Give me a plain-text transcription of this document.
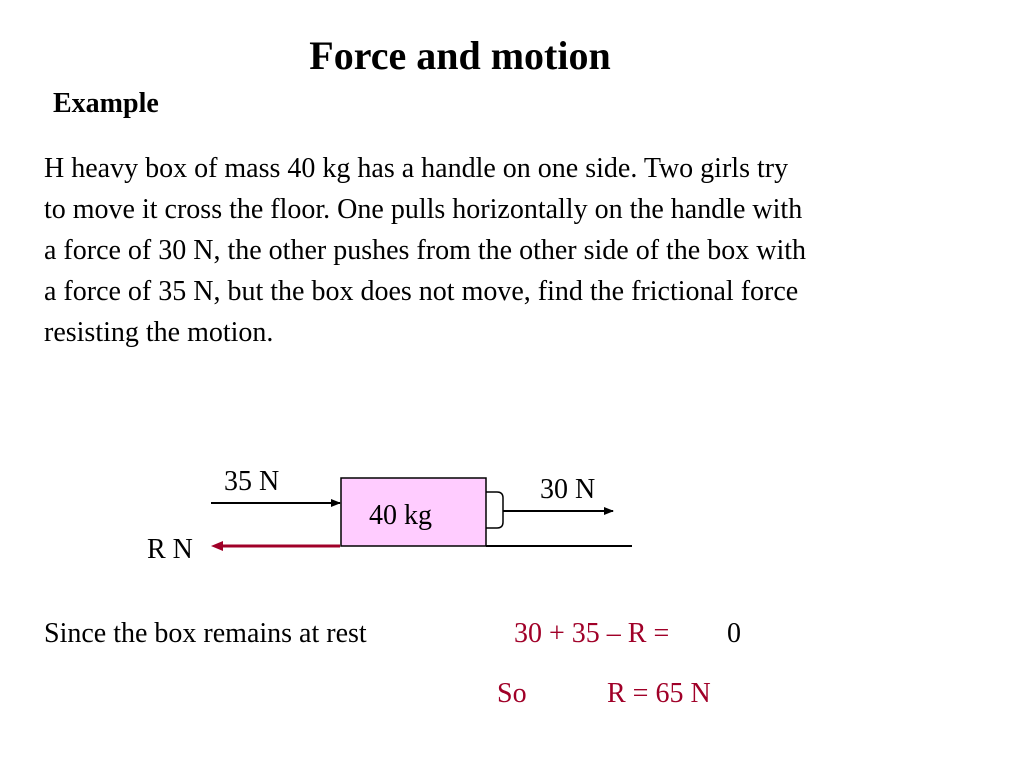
Force and motion
Example

H heavy box of mass 40 kg has a handle on one side. Two girls try
to move it cross the floor. One pulls horizontally on the handle with
a force of 30 N, the other pushes from the other side of the box with
a force of 35 N, but the box does not move, find the frictional force
resisting the motion.

35 N	30 N
40 kg
R N
Since the box remains at rest	30 + 35 – R = 0
So	R = 65 N
